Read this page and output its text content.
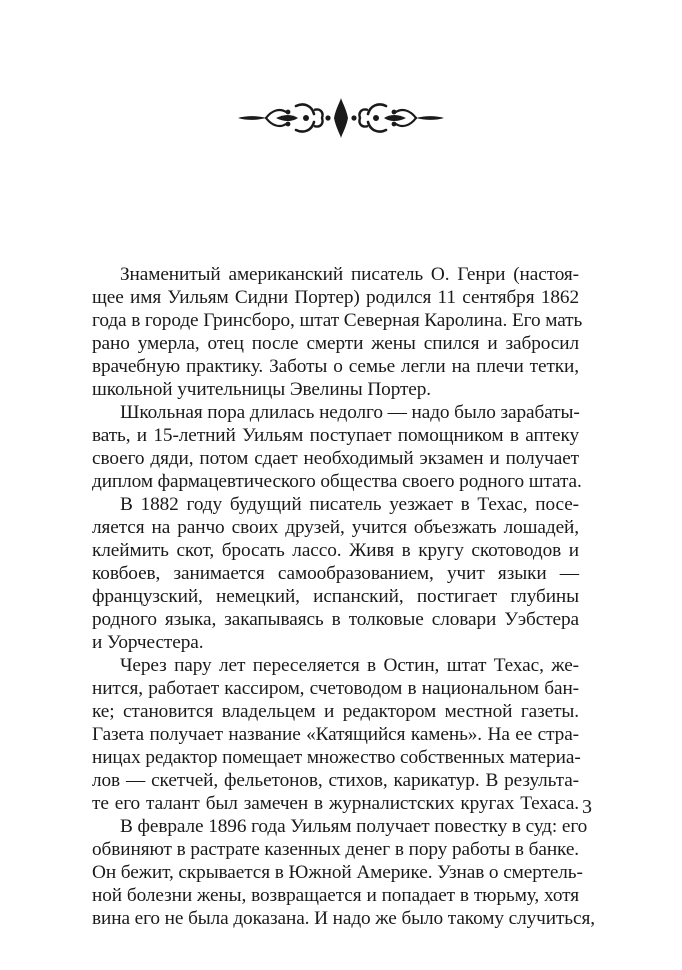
Знаменитый американский писатель О. Генри (настоя-
щее имя Уильям Сидни Портер) родился 11 сентября 1862
года в городе Гринсборо, штат Северная Каролина. Его мать
рано умерла, отец после смерти жены спился и забросил
врачебную практику. Заботы о семье легли на плечи тетки,
школьной учительницы Эвелины Портер.
Школьная пора длилась недолго — надо было зарабаты-
вать, и 15-летний Уильям поступает помощником в аптеку
своего дяди, потом сдает необходимый экзамен и получает
диплом фармацевтического общества своего родного штата.
В 1882 году будущий писатель уезжает в Техас, посе-
ляется на ранчо своих друзей, учится объезжать лошадей,
клеймить скот, бросать лассо. Живя в кругу скотоводов и
ковбоев, занимается самообразованием, учит языки —
французский, немецкий, испанский, постигает глубины
родного языка, закапываясь в толковые словари Уэбстера
и Уорчестера.
Через пару лет переселяется в Остин, штат Техас, же-
нится, работает кассиром, счетоводом в национальном бан-
ке; становится владельцем и редактором местной газеты.
Газета получает название «Катящийся камень». На ее стра-
ницах редактор помещает множество собственных материа-
лов — скетчей, фельетонов, стихов, карикатур. В результа-
те его талант был замечен в журналистских кругах Техаса.
В феврале 1896 года Уильям получает повестку в суд: его
обвиняют в растрате казенных денег в пору работы в банке.
Он бежит, скрывается в Южной Америке. Узнав о смертель-
ной болезни жены, возвращается и попадает в тюрьму, хотя
вина его не была доказана. И надо же было такому случиться,
3
